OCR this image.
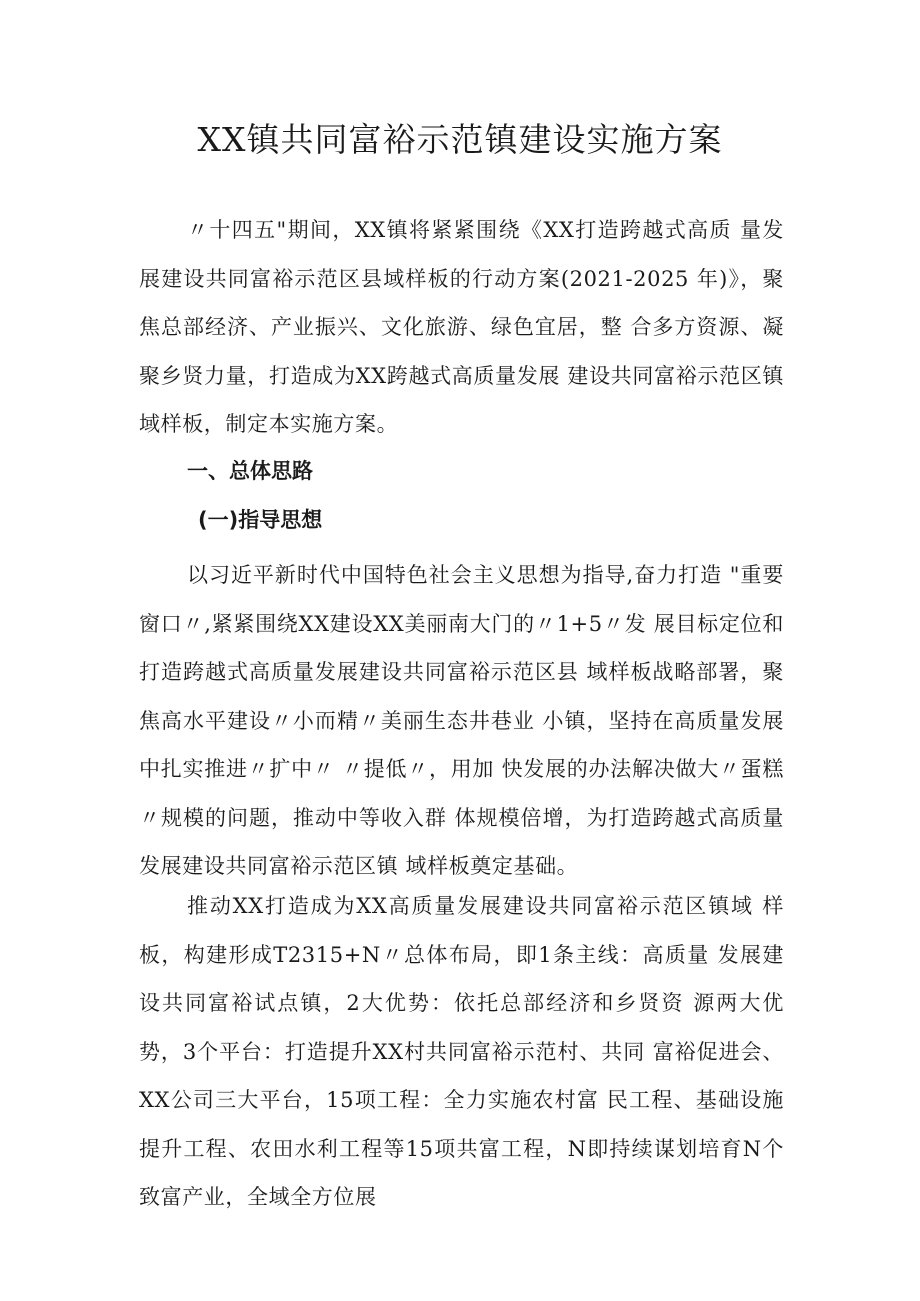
XX镇共同富裕示范镇建设实施方案

〃十四五"期间，XX镇将紧紧围绕《XX打造跨越式高质 量发展建设共同富裕示范区县域样板的行动方案(2021-2025 年)》，聚焦总部经济、产业振兴、文化旅游、绿色宜居，整 合多方资源、凝聚乡贤力量，打造成为XX跨越式高质量发展 建设共同富裕示范区镇域样板，制定本实施方案。

一、总体思路
(一)指导思想

以习近平新时代中国特色社会主义思想为指导,奋力打造 "重要窗口〃,紧紧围绕XX建设XX美丽南大门的〃1+5〃发 展目标定位和打造跨越式高质量发展建设共同富裕示范区县 域样板战略部署，聚焦高水平建设〃小而精〃美丽生态井巷业 小镇，坚持在高质量发展中扎实推进〃扩中〃 〃提低〃，用加 快发展的办法解决做大〃蛋糕〃规模的问题，推动中等收入群 体规模倍增，为打造跨越式高质量发展建设共同富裕示范区镇 域样板奠定基础。

推动XX打造成为XX高质量发展建设共同富裕示范区镇域 样板，构建形成T2315+N〃总体布局，即1条主线：高质量 发展建设共同富裕试点镇，2大优势：依托总部经济和乡贤资 源两大优势，3个平台：打造提升XX村共同富裕示范村、共同 富裕促进会、XX公司三大平台，15项工程：全力实施农村富 民工程、基础设施提升工程、农田水利工程等15项共富工程，N即持续谋划培育N个致富产业，全域全方位展
